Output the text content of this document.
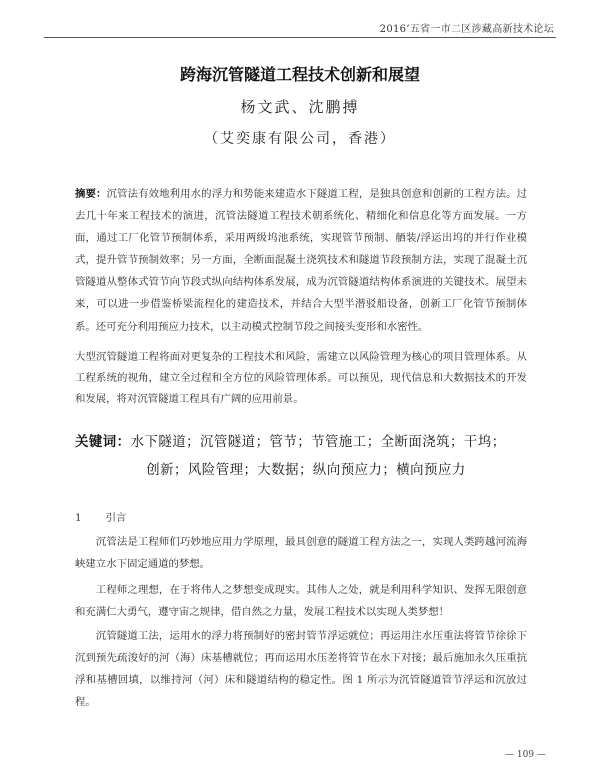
2016’五省一市二区涉藏高新技术论坛
跨海沉管隧道工程技术创新和展望
杨文武、沈鹏搏
（艾奕康有限公司，香港）
摘要：沉管法有效地利用水的浮力和势能来建造水下隧道工程，是独具创意和创新的工程方法。过去几十年来工程技术的演进，沉管法隧道工程技术朝系统化、精细化和信息化等方面发展。一方面，通过工厂化管节预制体系，采用两级坞池系统，实现管节预制、舾装/浮运出坞的并行作业模式，提升管节预制效率；另一方面，全断面混凝土浇筑技术和隧道节段预制方法，实现了混凝土沉管隧道从整体式管节向节段式纵向结构体系发展，成为沉管隧道结构体系演进的关键技术。展望未来，可以进一步借鉴桥梁流程化的建造技术，并结合大型半潜驳船设备，创新工厂化管节预制体系。还可充分利用预应力技术，以主动模式控制节段之间接头变形和水密性。
大型沉管隧道工程将面对更复杂的工程技术和风险，需建立以风险管理为核心的项目管理体系。从工程系统的视角，建立全过程和全方位的风险管理体系。可以预见，现代信息和大数据技术的开发和发展，将对沉管隧道工程具有广阔的应用前景。
关键词：水下隧道；沉管隧道；管节；节管施工；全断面浇筑；干坞；
创新；风险管理；大数据；纵向预应力；横向预应力
1 引言
沉管法是工程师们巧妙地应用力学原理，最具创意的隧道工程方法之一，实现人类跨越河流海峡建立水下固定通道的梦想。
工程师之理想，在于将伟人之梦想变成现实。其伟人之处，就是利用科学知识、发挥无限创意和充满仁大勇气，遵守宙之规律，借自然之力量，发展工程技术以实现人类梦想！
沉管隧道工法，运用水的浮力将预制好的密封管节浮运就位；再运用注水压重法将管节徐徐下沉到预先疏浚好的河（海）床基槽就位；再而运用水压差将管节在水下对接；最后施加永久压重抗浮和基槽回填，以维持河（河）床和隧道结构的稳定性。图 1 所示为沉管隧道管节浮运和沉放过程。
— 109 —
